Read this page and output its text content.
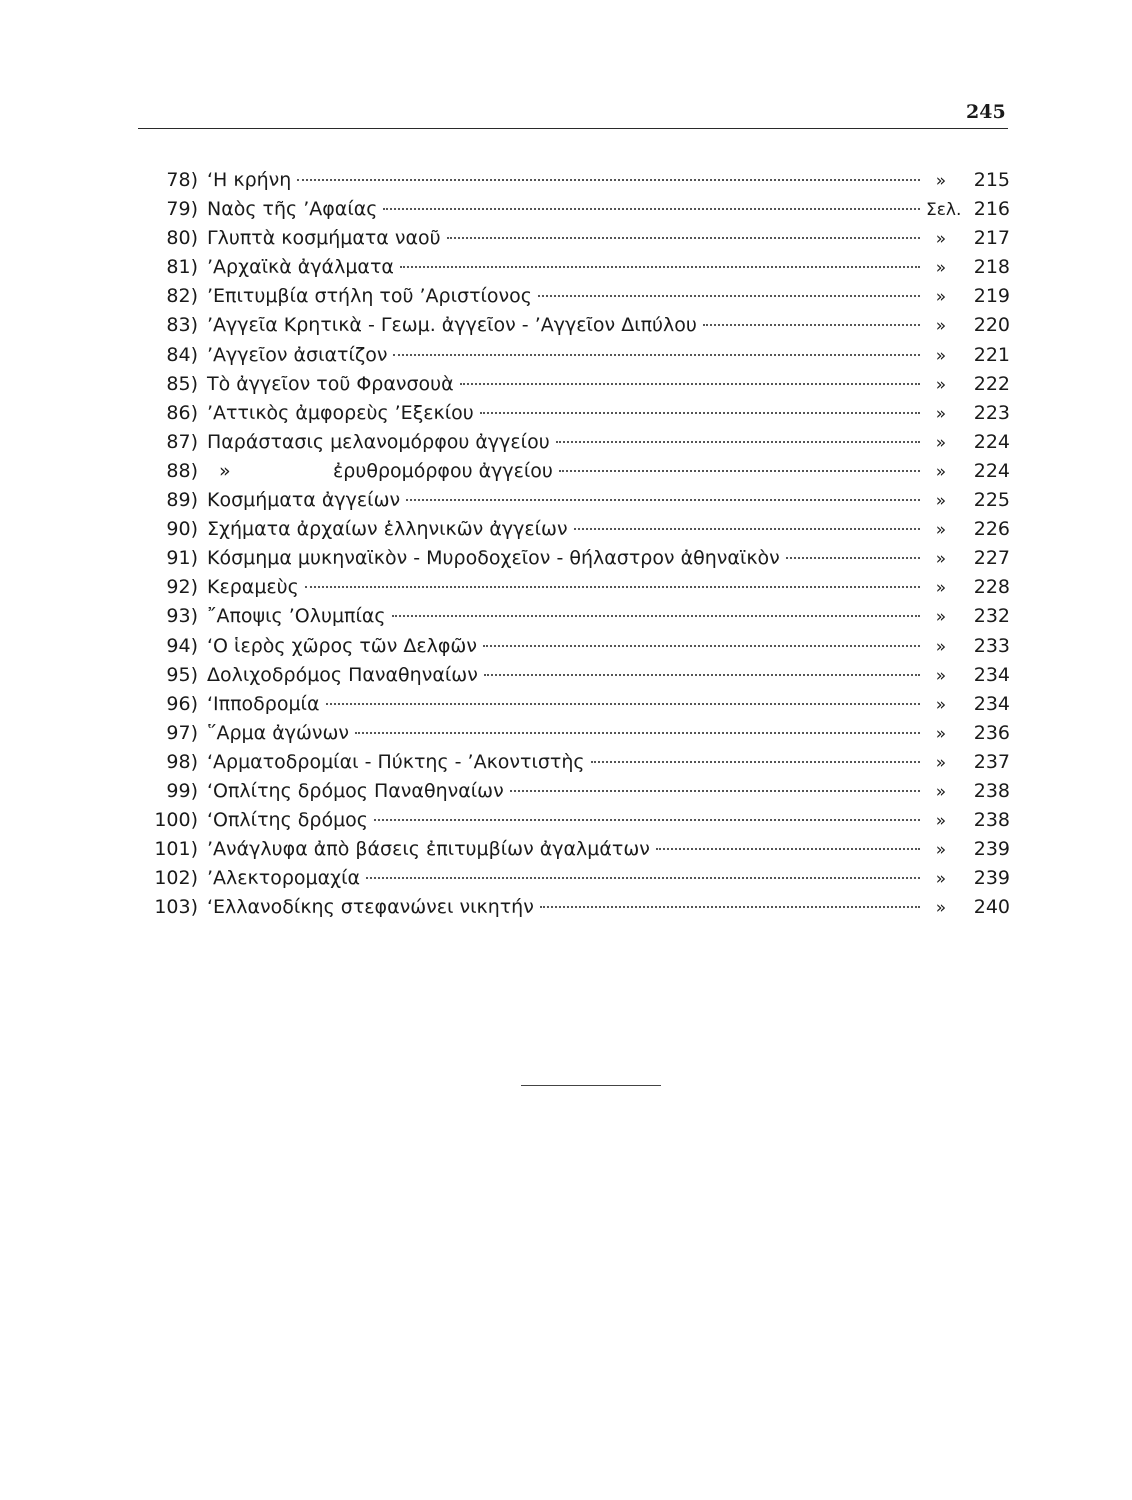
245
78) ‘Η κρήνη	»	215
79) Ναὸς τῆς ’Αφαίας	Σελ. 216
80) Γλυπτὰ κοσμήματα ναοῦ	»	217
81) ’Αρχαϊκὰ ἀγάλματα	»	218
82) ’Επιτυμβία στήλη τοῦ ’Αριστίονος	»	219
83) ’Αγγεῖα Κρητικὰ - Γεωμ. ἀγγεῖον - ’Αγγεῖον Διπύλου	»	220
84) ’Αγγεῖον ἀσιατίζον	»	221
85) Τὸ ἀγγεῖον τοῦ Φρανσουὰ	»	222
86) ’Αττικὸς ἀμφορεὺς ’Εξεκίου	»	223
87) Παράστασις μελανομόρφου ἀγγείου	»	224
88)	»	ἐρυθρομόρφου ἀγγείου	»	224
89) Κοσμήματα ἀγγείων	»	225
90) Σχήματα ἀρχαίων ἑλληνικῶν ἀγγείων	»	226
91) Κόσμημα μυκηναϊκὸν - Μυροδοχεῖον - θήλαστρον ἀθηναϊκὸν	»	227
92) Κεραμεὺς	»	228
93) ῎Αποψις ’Ολυμπίας	»	232
94) ‘Ο ἱερὸς χῶρος τῶν Δελφῶν	»	233
95) Δολιχοδρόμος Παναθηναίων	»	234
96) ‘Ιπποδρομία	»	234
97) ῞Αρμα ἀγώνων	»	236
98) ‘Αρματοδρομίαι - Πύκτης - ’Ακοντιστὴς	»	237
99) ‘Οπλίτης δρόμος Παναθηναίων	»	238
100) ‘Οπλίτης δρόμος	»	238
101) ’Ανάγλυφα ἀπὸ βάσεις ἐπιτυμβίων ἀγαλμάτων	»	239
102) ’Αλεκτορομαχία	»	239
103) ‘Ελλανοδίκης στεφανώνει νικητήν	»	240
